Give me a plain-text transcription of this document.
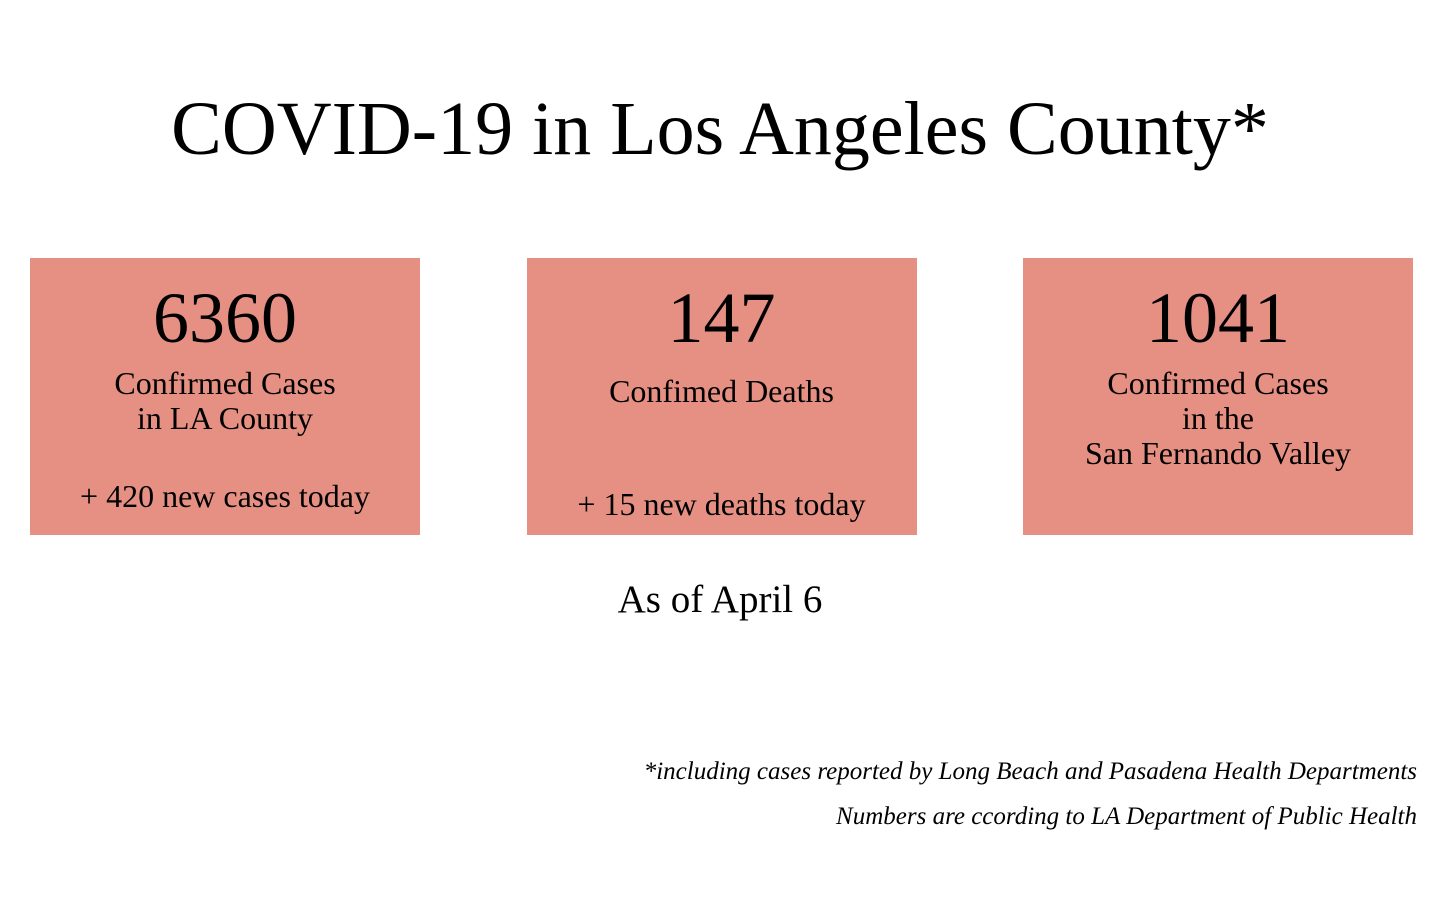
COVID-19 in Los Angeles County*
6360
Confirmed Cases
in LA County
+ 420 new cases today
147
Confimed Deaths
+ 15 new deaths today
1041
Confirmed Cases
in the
San Fernando Valley
As of April 6
*including cases reported by Long Beach and Pasadena Health Departments
Numbers are ccording to LA Department of Public Health
